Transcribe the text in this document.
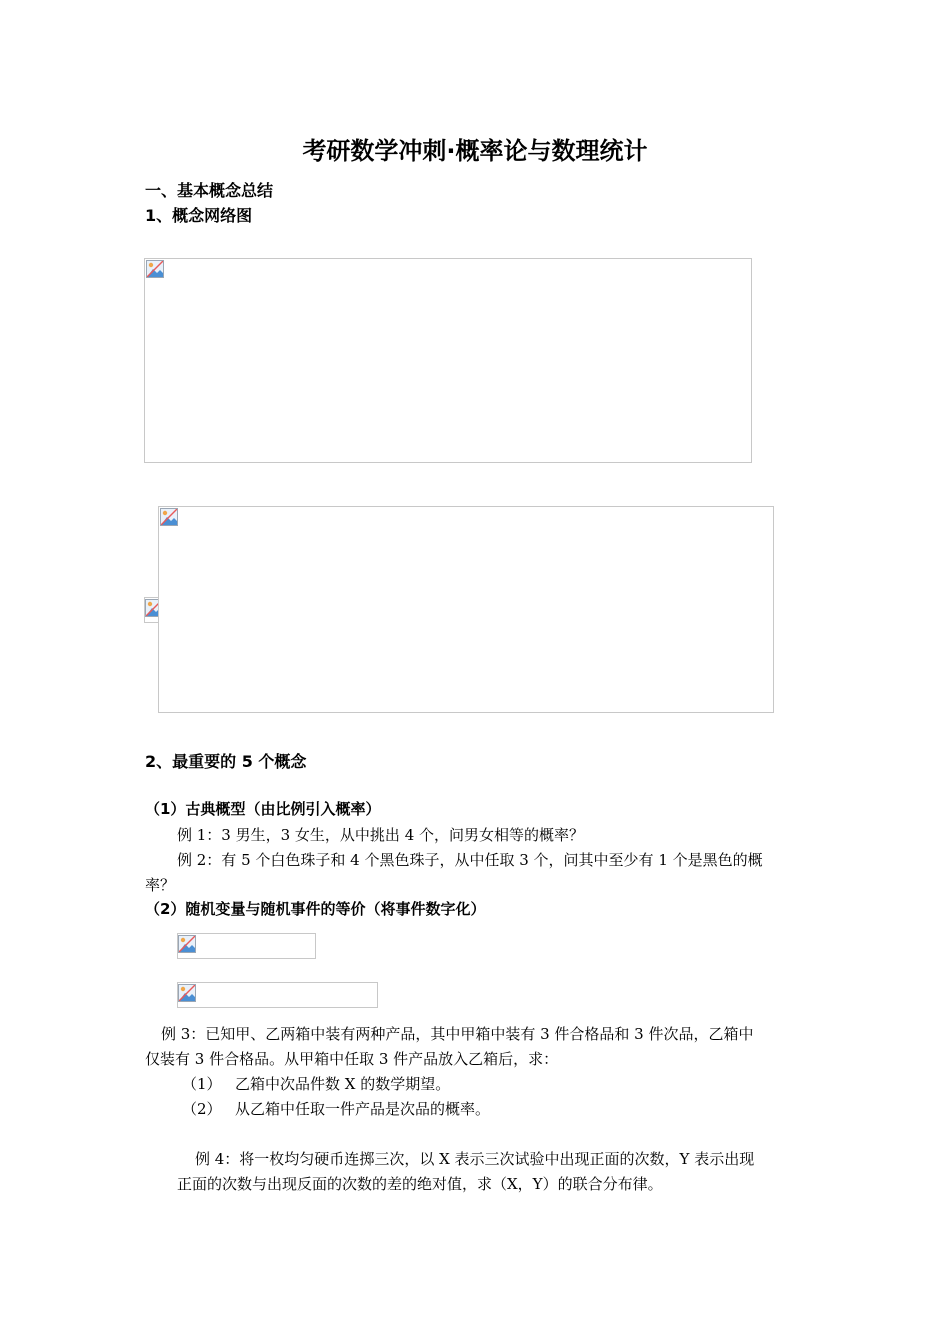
考研数学冲刺·概率论与数理统计
一、基本概念总结
1、概念网络图
2、最重要的 5 个概念
（1）古典概型（由比例引入概率）
例 1：3 男生，3 女生，从中挑出 4 个，问男女相等的概率？
例 2：有 5 个白色珠子和 4 个黑色珠子，从中任取 3 个，问其中至少有 1 个是黑色的概
率？
（2）随机变量与随机事件的等价（将事件数字化）
例 3：已知甲、乙两箱中装有两种产品，其中甲箱中装有 3 件合格品和 3 件次品，乙箱中
仅装有 3 件合格品。从甲箱中任取 3 件产品放入乙箱后，求：
（1） 乙箱中次品件数 X 的数学期望。
（2） 从乙箱中任取一件产品是次品的概率。
例 4：将一枚均匀硬币连掷三次，以 X 表示三次试验中出现正面的次数，Y 表示出现
正面的次数与出现反面的次数的差的绝对值，求（X，Y）的联合分布律。
